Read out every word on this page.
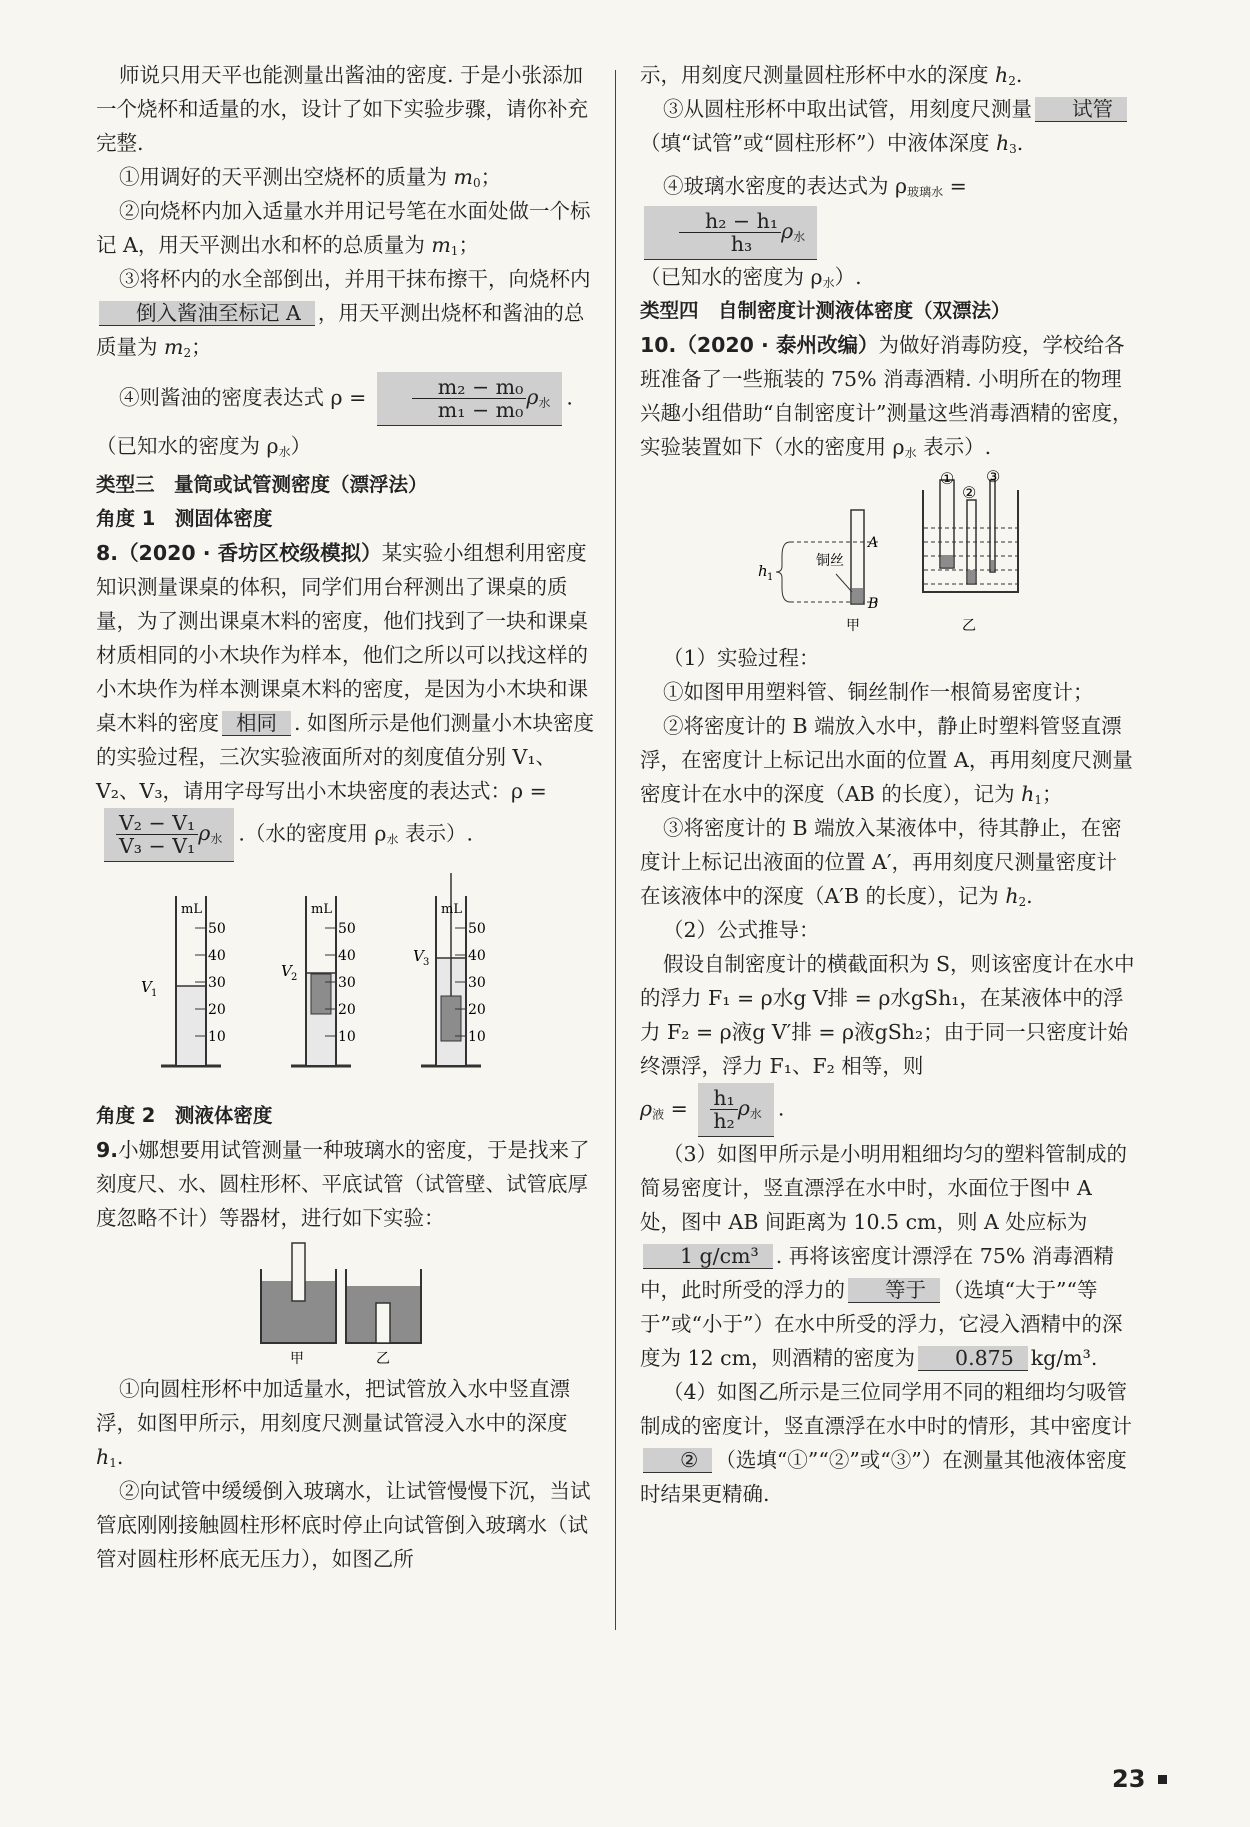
师说只用天平也能测量出酱油的密度. 于是小张添加一个烧杯和适量的水，设计了如下实验步骤，请你补充完整.

①用调好的天平测出空烧杯的质量为 $m_0$；

②向烧杯内加入适量水并用记号笔在水面处做一个标记 A，用天平测出水和杯的总质量为 $m_1$；

③将杯内的水全部倒出，并用干抹布擦干，向烧杯内倒入酱油至标记 A ，用天平测出烧杯和酱油的总质量为 $m_2$；

④则酱油的密度表达式 $\rho = \frac{\text{m₂ − m₀}}{\text{m₁ − m₀}} \rho_水$ .（已知水的密度为 $\rho_水$）

类型三　量筒或试管测密度（漂浮法）

角度 1　测固体密度

8.（2020 · 香坊区校级模拟）某实验小组想利用密度知识测量课桌的体积，同学们用台秤测出了课桌的质量，为了测出课桌木料的密度，他们找到了一块和课桌材质相同的小木块作为样本，他们之所以可以找这样的小木块作为样本测课桌木料的密度，是因为小木块和课桌木料的密度 相同 . 如图所示是他们测量小木块密度的实验过程，三次实验液面所对的刻度值分别 V₁、V₂、V₃，请用字母写出小木块密度的表达式：ρ =

$\frac{\text{V₂ − V₁}}{\text{V₃ − V₁}} \rho_水$ .（水的密度用 $\rho_水$ 表示）.

mL
50
40
30
20
10
V 1
mL
50
40
30
20
10
V 2
mL
50
40
30
20
10
V 3

角度 2　测液体密度

9.小娜想要用试管测量一种玻璃水的密度，于是找来了刻度尺、水、圆柱形杯、平底试管（试管壁、试管底厚度忽略不计）等器材，进行如下实验：

甲	乙

①向圆柱形杯中加适量水，把试管放入水中竖直漂浮，如图甲所示，用刻度尺测量试管浸入水中的深度 $h_1$.

②向试管中缓缓倒入玻璃水，让试管慢慢下沉，当试管底刚刚接触圆柱形杯底时停止向试管倒入玻璃水（试管对圆柱形杯底无压力），如图乙所

示，用刻度尺测量圆柱形杯中水的深度 $h_2$.

③从圆柱形杯中取出试管，用刻度尺测量 试管（填“试管”或“圆柱形杯”）中液体深度 $h_3$.

④玻璃水密度的表达式为 $\rho_{玻璃水}$ =
$\frac{\text{h₂ − h₁}}{\text{h₃}} \rho_水$

（已知水的密度为 $\rho_水$）.

类型四　自制密度计测液体密度（双漂法）

10.（2020 · 泰州改编）为做好消毒防疫，学校给各班准备了一些瓶装的 75% 消毒酒精. 小明所在的物理兴趣小组借助“自制密度计”测量这些消毒酒精的密度，实验装置如下（水的密度用 $\rho_水$ 表示）.

h 1
铜丝
A
B
甲
①
②
③
乙

（1）实验过程：

①如图甲用塑料管、铜丝制作一根简易密度计；

②将密度计的 B 端放入水中，静止时塑料管竖直漂浮，在密度计上标记出水面的位置 A，再用刻度尺测量密度计在水中的深度（AB 的长度），记为 $h_1$；

③将密度计的 B 端放入某液体中，待其静止，在密度计上标记出液面的位置 A′，再用刻度尺测量密度计在该液体中的深度（A′B 的长度），记为 $h_2$.

（2）公式推导：

假设自制密度计的横截面积为 S，则该密度计在水中的浮力 F₁ = ρ水g V排 = ρ水gSh₁，在某液体中的浮力 F₂ = ρ液g V′排 = ρ液gSh₂；由于同一只密度计始终漂浮，浮力 F₁、F₂ 相等，则

$\rho_液 = \frac{\text{h₁}}{\text{h₂}} \rho_水$ .

（3）如图甲所示是小明用粗细均匀的塑料管制成的简易密度计，竖直漂浮在水中时，水面位于图中 A 处，图中 AB 间距离为 10.5 cm，则 A 处应标为1 g/cm³ . 再将该密度计漂浮在 75% 消毒酒精中，此时所受的浮力的 等于 （选填“大于”“等于”或“小于”）在水中所受的浮力，它浸入酒精中的深度为 12 cm，则酒精的密度为 0.875 kg/m³.

（4）如图乙所示是三位同学用不同的粗细均匀吸管制成的密度计，竖直漂浮在水中时的情形，其中密度计② （选填“①”“②”或“③”）在测量其他液体密度时结果更精确.

23
